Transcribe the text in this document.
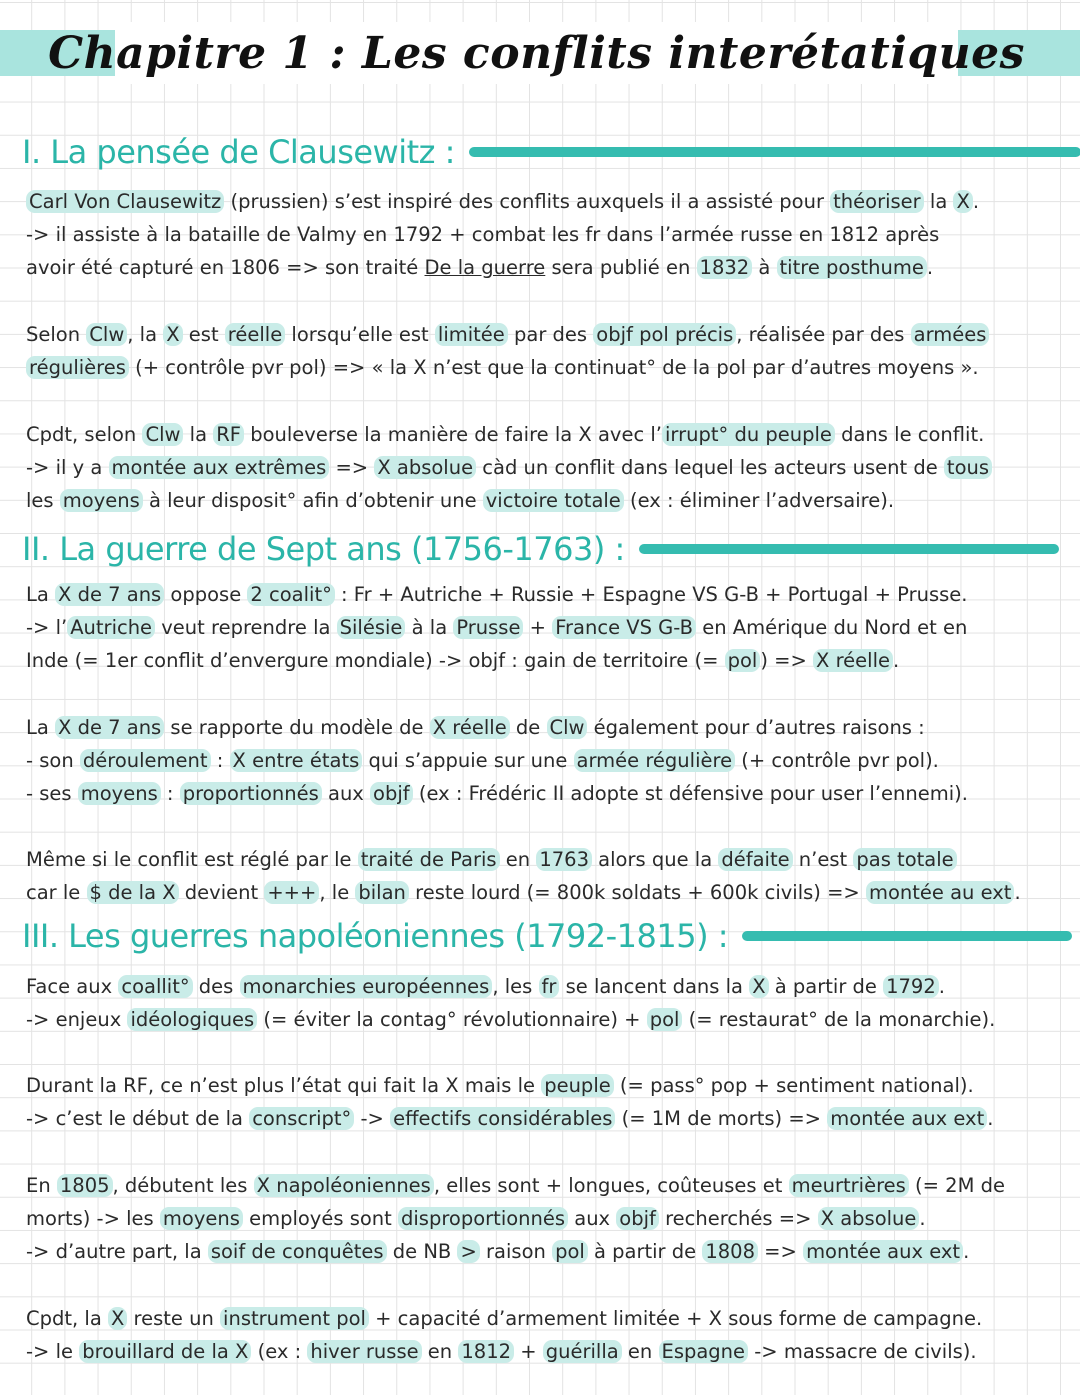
Chapitre 1 : Les conflits interétatiques
I. La pensée de Clausewitz :
Carl Von Clausewitz (prussien) s’est inspiré des conflits auxquels il a assisté pour théoriser la X .
-> il assiste à la bataille de Valmy en 1792 + combat les fr dans l’armée russe en 1812 après
avoir été capturé en 1806 => son traité De la guerre sera publié en 1832 à titre posthume .
Selon Clw , la X est réelle lorsqu’elle est limitée par des objf pol précis , réalisée par des armées
régulières (+ contrôle pvr pol) => « la X n’est que la continuat° de la pol par d’autres moyens ».
Cpdt, selon Clw la RF bouleverse la manière de faire la X avec l’ irrupt° du peuple dans le conflit.
-> il y a montée aux extrêmes => X absolue càd un conflit dans lequel les acteurs usent de tous
les moyens à leur disposit° afin d’obtenir une victoire totale (ex : éliminer l’adversaire).
II. La guerre de Sept ans (1756-1763) :
La X de 7 ans oppose 2 coalit° : Fr + Autriche + Russie + Espagne VS G-B + Portugal + Prusse.
-> l’ Autriche veut reprendre la Silésie à la Prusse + France VS G-B en Amérique du Nord et en
Inde (= 1er conflit d’envergure mondiale) -> objf : gain de territoire (= pol ) => X réelle .
La X de 7 ans se rapporte du modèle de X réelle de Clw également pour d’autres raisons :
- son déroulement : X entre états qui s’appuie sur une armée régulière (+ contrôle pvr pol).
- ses moyens : proportionnés aux objf (ex : Frédéric II adopte st défensive pour user l’ennemi).
Même si le conflit est réglé par le traité de Paris en 1763 alors que la défaite n’est pas totale
car le $ de la X devient +++ , le bilan reste lourd (= 800k soldats + 600k civils) => montée au ext .
III. Les guerres napoléoniennes (1792-1815) :
Face aux coallit° des monarchies européennes , les fr se lancent dans la X à partir de 1792 .
-> enjeux idéologiques (= éviter la contag° révolutionnaire) + pol (= restaurat° de la monarchie).
Durant la RF, ce n’est plus l’état qui fait la X mais le peuple (= pass° pop + sentiment national).
-> c’est le début de la conscript° -> effectifs considérables (= 1M de morts) => montée aux ext .
En 1805 , débutent les X napoléoniennes , elles sont + longues, coûteuses et meurtrières (= 2M de
morts) -> les moyens employés sont disproportionnés aux objf recherchés => X absolue .
-> d’autre part, la soif de conquêtes de NB > raison pol à partir de 1808 => montée aux ext .
Cpdt, la X reste un instrument pol + capacité d’armement limitée + X sous forme de campagne.
-> le brouillard de la X (ex : hiver russe en 1812 + guérilla en Espagne -> massacre de civils).
